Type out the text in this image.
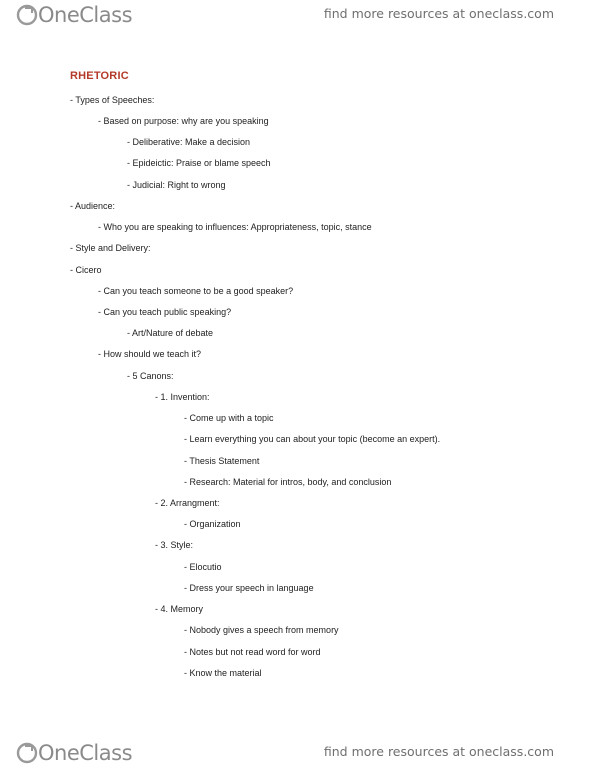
OneClass	find more resources at oneclass.com
RHETORIC
- Types of Speeches:
- Based on purpose: why are you speaking
- Deliberative: Make a decision
- Epideictic: Praise or blame speech
- Judicial: Right to wrong
- Audience:
- Who you are speaking to influences: Appropriateness, topic, stance
- Style and Delivery:
- Cicero
- Can you teach someone to be a good speaker?
- Can you teach public speaking?
- Art/Nature of debate
- How should we teach it?
- 5 Canons:
- 1. Invention:
- Come up with a topic
- Learn everything you can about your topic (become an expert).
- Thesis Statement
- Research: Material for intros, body, and conclusion
- 2. Arrangment:
- Organization
- 3. Style:
- Elocutio
- Dress your speech in language
- 4. Memory
- Nobody gives a speech from memory
- Notes but not read word for word
- Know the material
OneClass	find more resources at oneclass.com
